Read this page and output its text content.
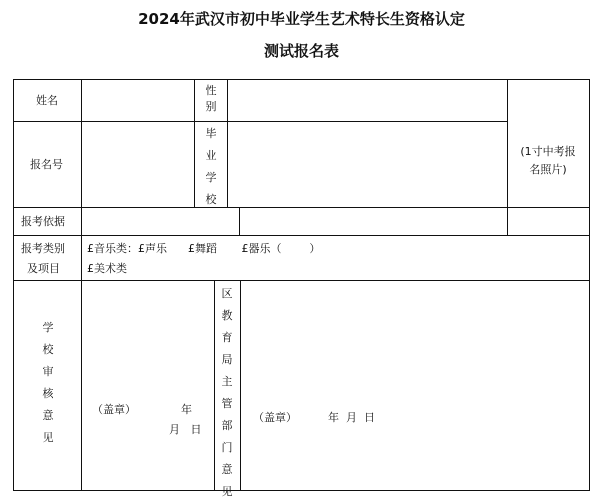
2024年武汉市初中毕业学生艺术特长生资格认定
测试报名表
姓名
性别
报名号
毕业学校
(1寸中考报名照片)
报考依据
报考类别
及项目
£音乐类：£声乐      £舞蹈       £器乐（        ）
£美术类
学校审核意见
（盖章）	年
月   日
区教育局主管部门意见
（盖章）	年  月  日
